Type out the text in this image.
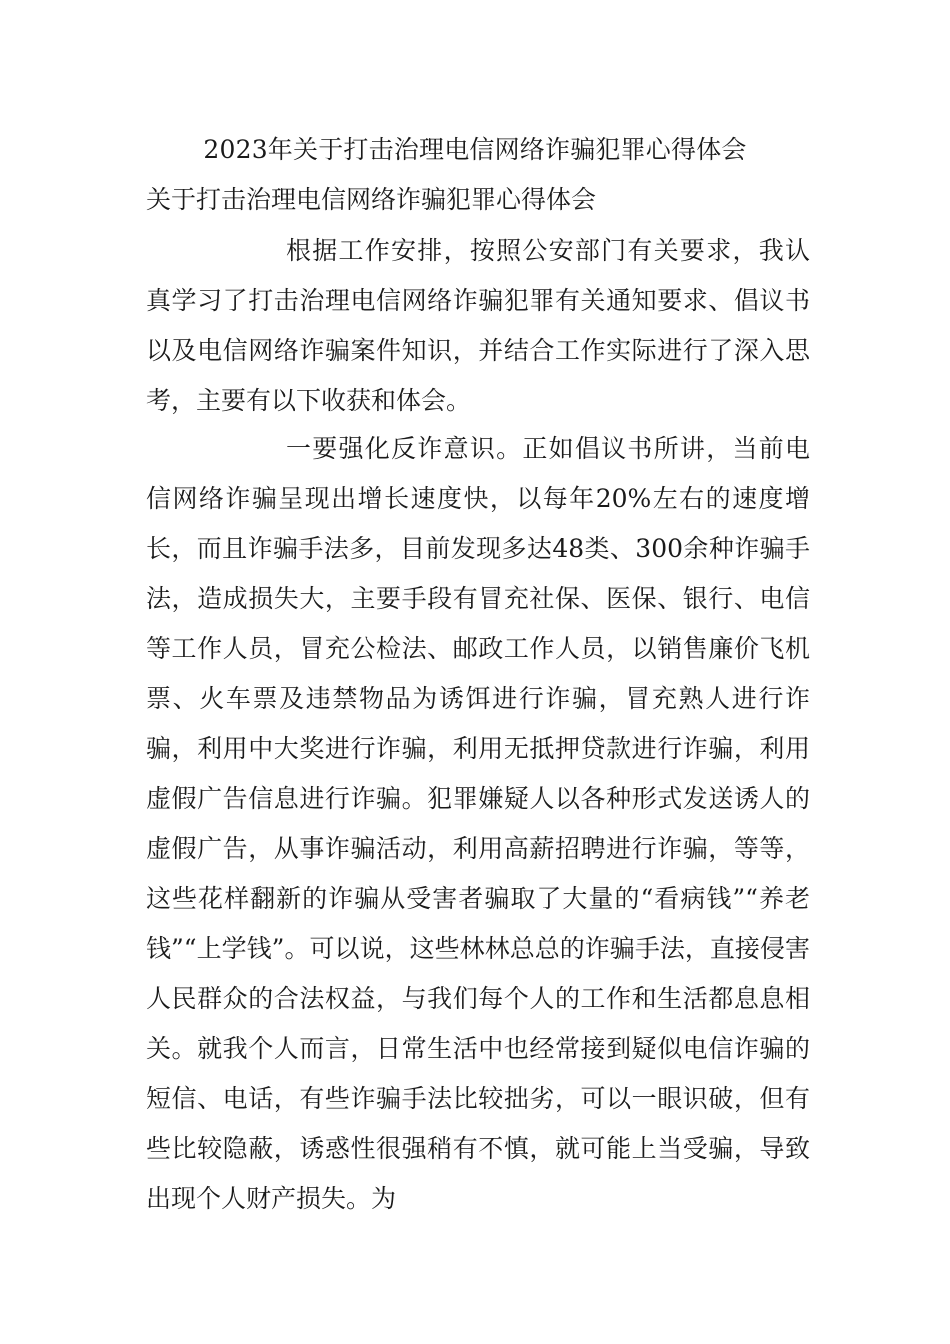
2023年关于打击治理电信网络诈骗犯罪心得体会
关于打击治理电信网络诈骗犯罪心得体会

根据工作安排，按照公安部门有关要求，我认真学习了打击治理电信网络诈骗犯罪有关通知要求、倡议书以及电信网络诈骗案件知识，并结合工作实际进行了深入思考，主要有以下收获和体会。

一要强化反诈意识。正如倡议书所讲，当前电信网络诈骗呈现出增长速度快，以每年20%左右的速度增长，而且诈骗手法多，目前发现多达48类、300余种诈骗手法，造成损失大，主要手段有冒充社保、医保、银行、电信等工作人员，冒充公检法、邮政工作人员，以销售廉价飞机票、火车票及违禁物品为诱饵进行诈骗，冒充熟人进行诈骗，利用中大奖进行诈骗，利用无抵押贷款进行诈骗，利用虚假广告信息进行诈骗。犯罪嫌疑人以各种形式发送诱人的虚假广告，从事诈骗活动，利用高薪招聘进行诈骗，等等，这些花样翻新的诈骗从受害者骗取了大量的“看病钱”“养老钱”“上学钱”。可以说，这些林林总总的诈骗手法，直接侵害人民群众的合法权益，与我们每个人的工作和生活都息息相关。就我个人而言，日常生活中也经常接到疑似电信诈骗的短信、电话，有些诈骗手法比较拙劣，可以一眼识破，但有些比较隐蔽，诱惑性很强稍有不慎，就可能上当受骗，导致出现个人财产损失。为
